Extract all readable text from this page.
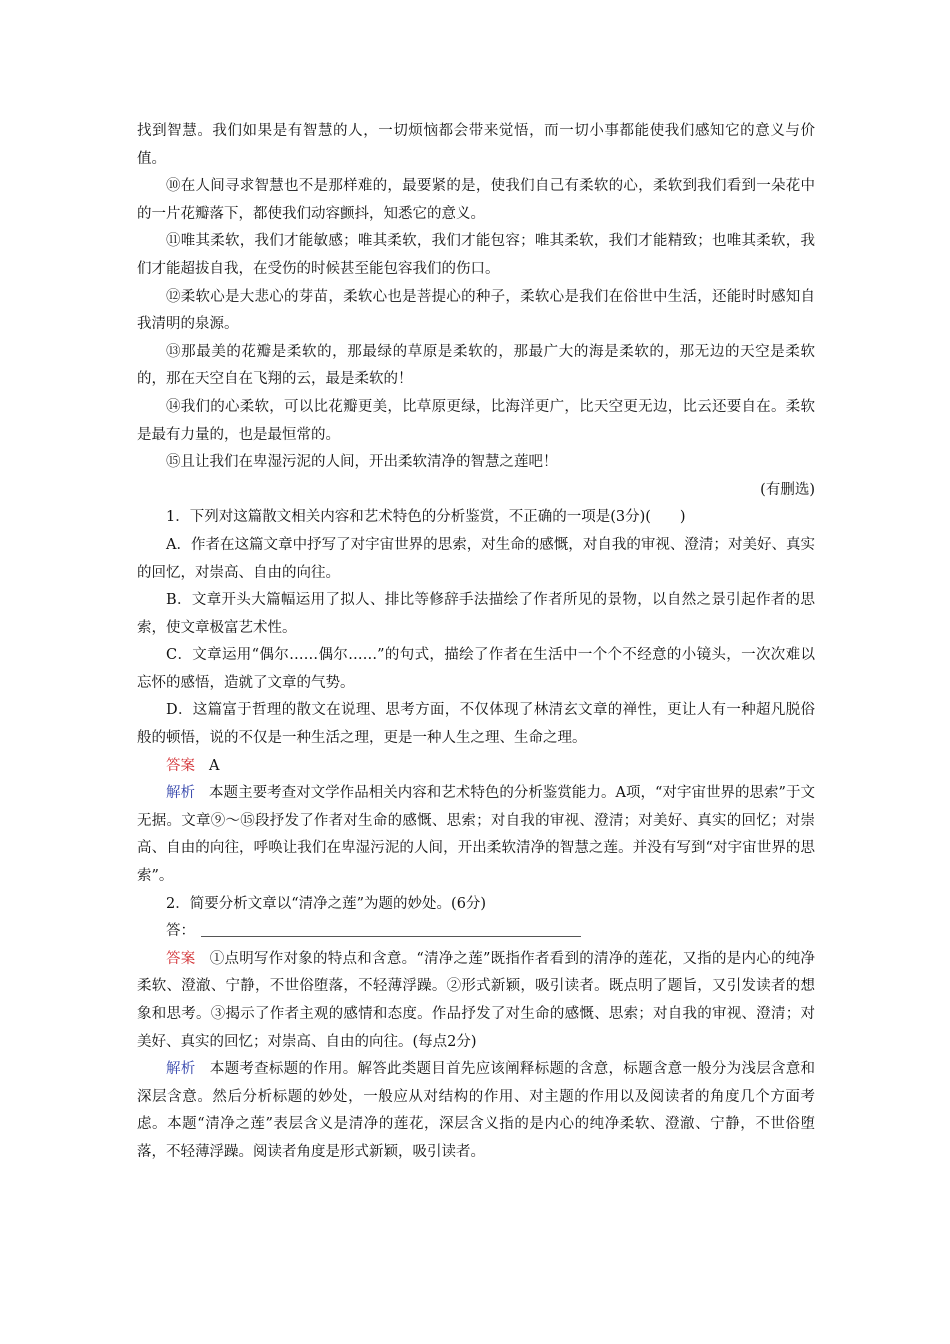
找到智慧。我们如果是有智慧的人，一切烦恼都会带来觉悟，而一切小事都能使我们感知它的意义与价值。

⑩在人间寻求智慧也不是那样难的，最要紧的是，使我们自己有柔软的心，柔软到我们看到一朵花中的一片花瓣落下，都使我们动容颤抖，知悉它的意义。

⑪唯其柔软，我们才能敏感；唯其柔软，我们才能包容；唯其柔软，我们才能精致；也唯其柔软，我们才能超拔自我，在受伤的时候甚至能包容我们的伤口。

⑫柔软心是大悲心的芽苗，柔软心也是菩提心的种子，柔软心是我们在俗世中生活，还能时时感知自我清明的泉源。

⑬那最美的花瓣是柔软的，那最绿的草原是柔软的，那最广大的海是柔软的，那无边的天空是柔软的，那在天空自在飞翔的云，最是柔软的！

⑭我们的心柔软，可以比花瓣更美，比草原更绿，比海洋更广，比天空更无边，比云还要自在。柔软是最有力量的，也是最恒常的。

⑮且让我们在卑湿污泥的人间，开出柔软清净的智慧之莲吧！

(有删选)

1．下列对这篇散文相关内容和艺术特色的分析鉴赏，不正确的一项是(3分)(　　)

A．作者在这篇文章中抒写了对宇宙世界的思索，对生命的感慨，对自我的审视、澄清；对美好、真实的回忆，对崇高、自由的向往。

B．文章开头大篇幅运用了拟人、排比等修辞手法描绘了作者所见的景物，以自然之景引起作者的思索，使文章极富艺术性。

C．文章运用“偶尔……偶尔……”的句式，描绘了作者在生活中一个个不经意的小镜头，一次次难以忘怀的感悟，造就了文章的气势。

D．这篇富于哲理的散文在说理、思考方面，不仅体现了林清玄文章的禅性，更让人有一种超凡脱俗般的顿悟，说的不仅是一种生活之理，更是一种人生之理、生命之理。

答案 A

解析 本题主要考查对文学作品相关内容和艺术特色的分析鉴赏能力。A项，“对宇宙世界的思索”于文无据。文章⑨～⑮段抒发了作者对生命的感慨、思索；对自我的审视、澄清；对美好、真实的回忆；对崇高、自由的向往，呼唤让我们在卑湿污泥的人间，开出柔软清净的智慧之莲。并没有写到“对宇宙世界的思索”。

2．简要分析文章以“清净之莲”为题的妙处。(6分)

答：

答案 ①点明写作对象的特点和含意。“清净之莲”既指作者看到的清净的莲花，又指的是内心的纯净柔软、澄澈、宁静，不世俗堕落，不轻薄浮躁。②形式新颖，吸引读者。既点明了题旨，又引发读者的想象和思考。③揭示了作者主观的感情和态度。作品抒发了对生命的感慨、思索；对自我的审视、澄清；对美好、真实的回忆；对崇高、自由的向往。(每点2分)

解析 本题考查标题的作用。解答此类题目首先应该阐释标题的含意，标题含意一般分为浅层含意和深层含意。然后分析标题的妙处，一般应从对结构的作用、对主题的作用以及阅读者的角度几个方面考虑。本题“清净之莲”表层含义是清净的莲花，深层含义指的是内心的纯净柔软、澄澈、宁静，不世俗堕落，不轻薄浮躁。阅读者角度是形式新颖，吸引读者。
